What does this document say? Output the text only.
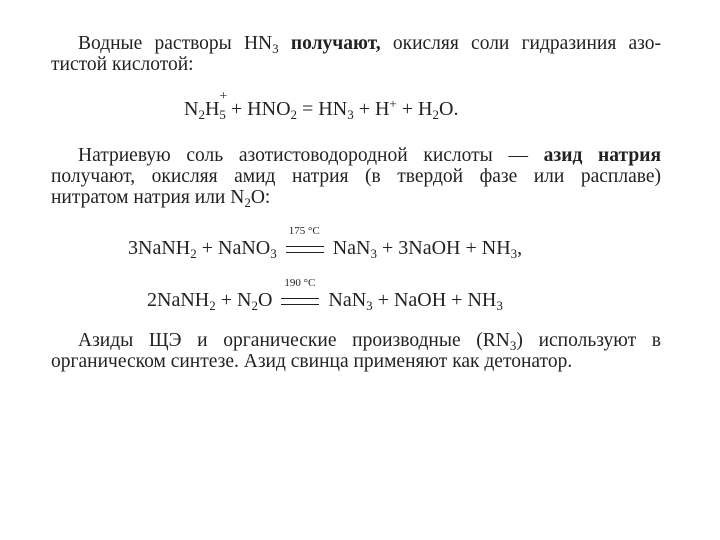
Водные растворы $HN_3$ получают, окисляя соли гидразиния азо-
тистой кислотой:
$N_2H$
+
$_5 + HNO_2 = HN_3 + H^+ + H_2O$.
Натриевую соль азотистоводородной кислоты — азид натрия
получают, окисляя амид натрия (в твердой фазе или расплаве)
нитратом натрия или $N_2O$:
3NaNH$_2$ + NaNO$_3$
175 °C
NaN$_3$ + 3NaOH + $NH_3$,
2NaNH$_2$ + $N_2O$
190 °C
NaN$_3$ + NaOH + $NH_3$
Азиды ЩЭ и органические производные $(RN_3)$ используют в
органическом синтезе. Азид свинца применяют как детонатор.
